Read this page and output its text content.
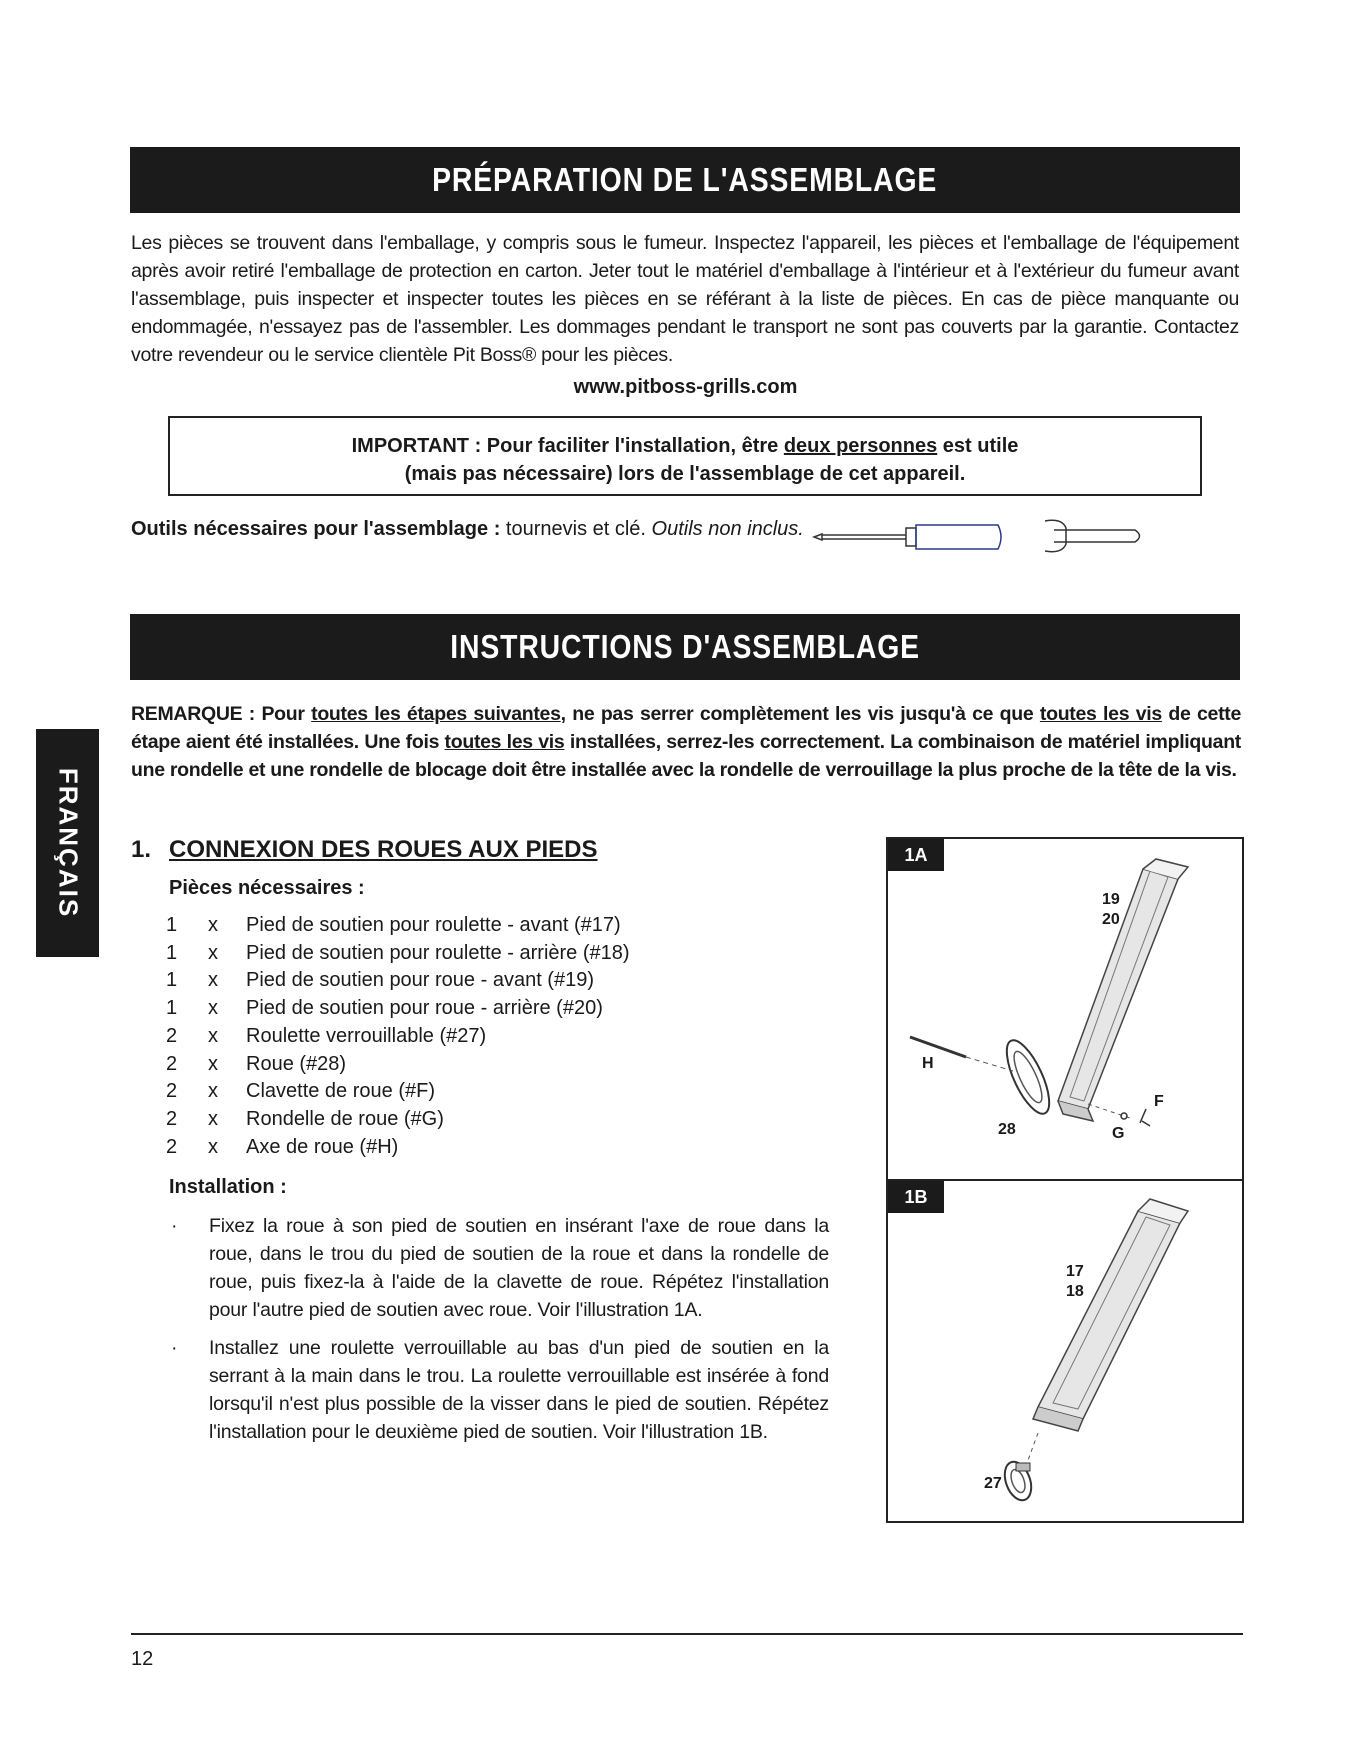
PRÉPARATION DE L'ASSEMBLAGE
Les pièces se trouvent dans l'emballage, y compris sous le fumeur. Inspectez l'appareil, les pièces et l'emballage de l'équipement après avoir retiré l'emballage de protection en carton. Jeter tout le matériel d'emballage à l'intérieur et à l'extérieur du fumeur avant l'assemblage, puis inspecter et inspecter toutes les pièces en se référant à la liste de pièces. En cas de pièce manquante ou endommagée, n'essayez pas de l'assembler. Les dommages pendant le transport ne sont pas couverts par la garantie. Contactez votre revendeur ou le service clientèle Pit Boss® pour les pièces.
www.pitboss-grills.com
IMPORTANT : Pour faciliter l'installation, être deux personnes est utile
(mais pas nécessaire) lors de l'assemblage de cet appareil.
Outils nécessaires pour l'assemblage : tournevis et clé. Outils non inclus.
INSTRUCTIONS D'ASSEMBLAGE
REMARQUE : Pour toutes les étapes suivantes, ne pas serrer complètement les vis jusqu'à ce que toutes les vis de cette étape aient été installées. Une fois toutes les vis installées, serrez-les correctement. La combinaison de matériel impliquant une rondelle et une rondelle de blocage doit être installée avec la rondelle de verrouillage la plus proche de la tête de la vis.
FRANÇAIS 1. CONNEXION DES ROUES AUX PIEDS
Pièces nécessaires :
1	x	Pied de soutien pour roulette - avant (#17)
1	x	Pied de soutien pour roulette - arrière (#18)
1	x	Pied de soutien pour roue - avant (#19)
1	x	Pied de soutien pour roue - arrière (#20)
2	x	Roulette verrouillable (#27)
2	x	Roue (#28)
2	x	Clavette de roue (#F)
2	x	Rondelle de roue (#G)
2	x	Axe de roue (#H)
Installation :
·	Fixez la roue à son pied de soutien en insérant l'axe de roue dans la roue, dans le trou du pied de soutien de la roue et dans la rondelle de roue, puis fixez-la à l'aide de la clavette de roue. Répétez l'installation pour l'autre pied de soutien avec roue. Voir l'illustration 1A.
·	Installez une roulette verrouillable au bas d'un pied de soutien en la serrant à la main dans le trou. La roulette verrouillable est insérée à fond lorsqu'il n'est plus possible de la visser dans le pied de soutien. Répétez l'installation pour le deuxième pied de soutien. Voir l'illustration 1B.
1A
19
20
H
28	G
F
1B
17
18
27
12
